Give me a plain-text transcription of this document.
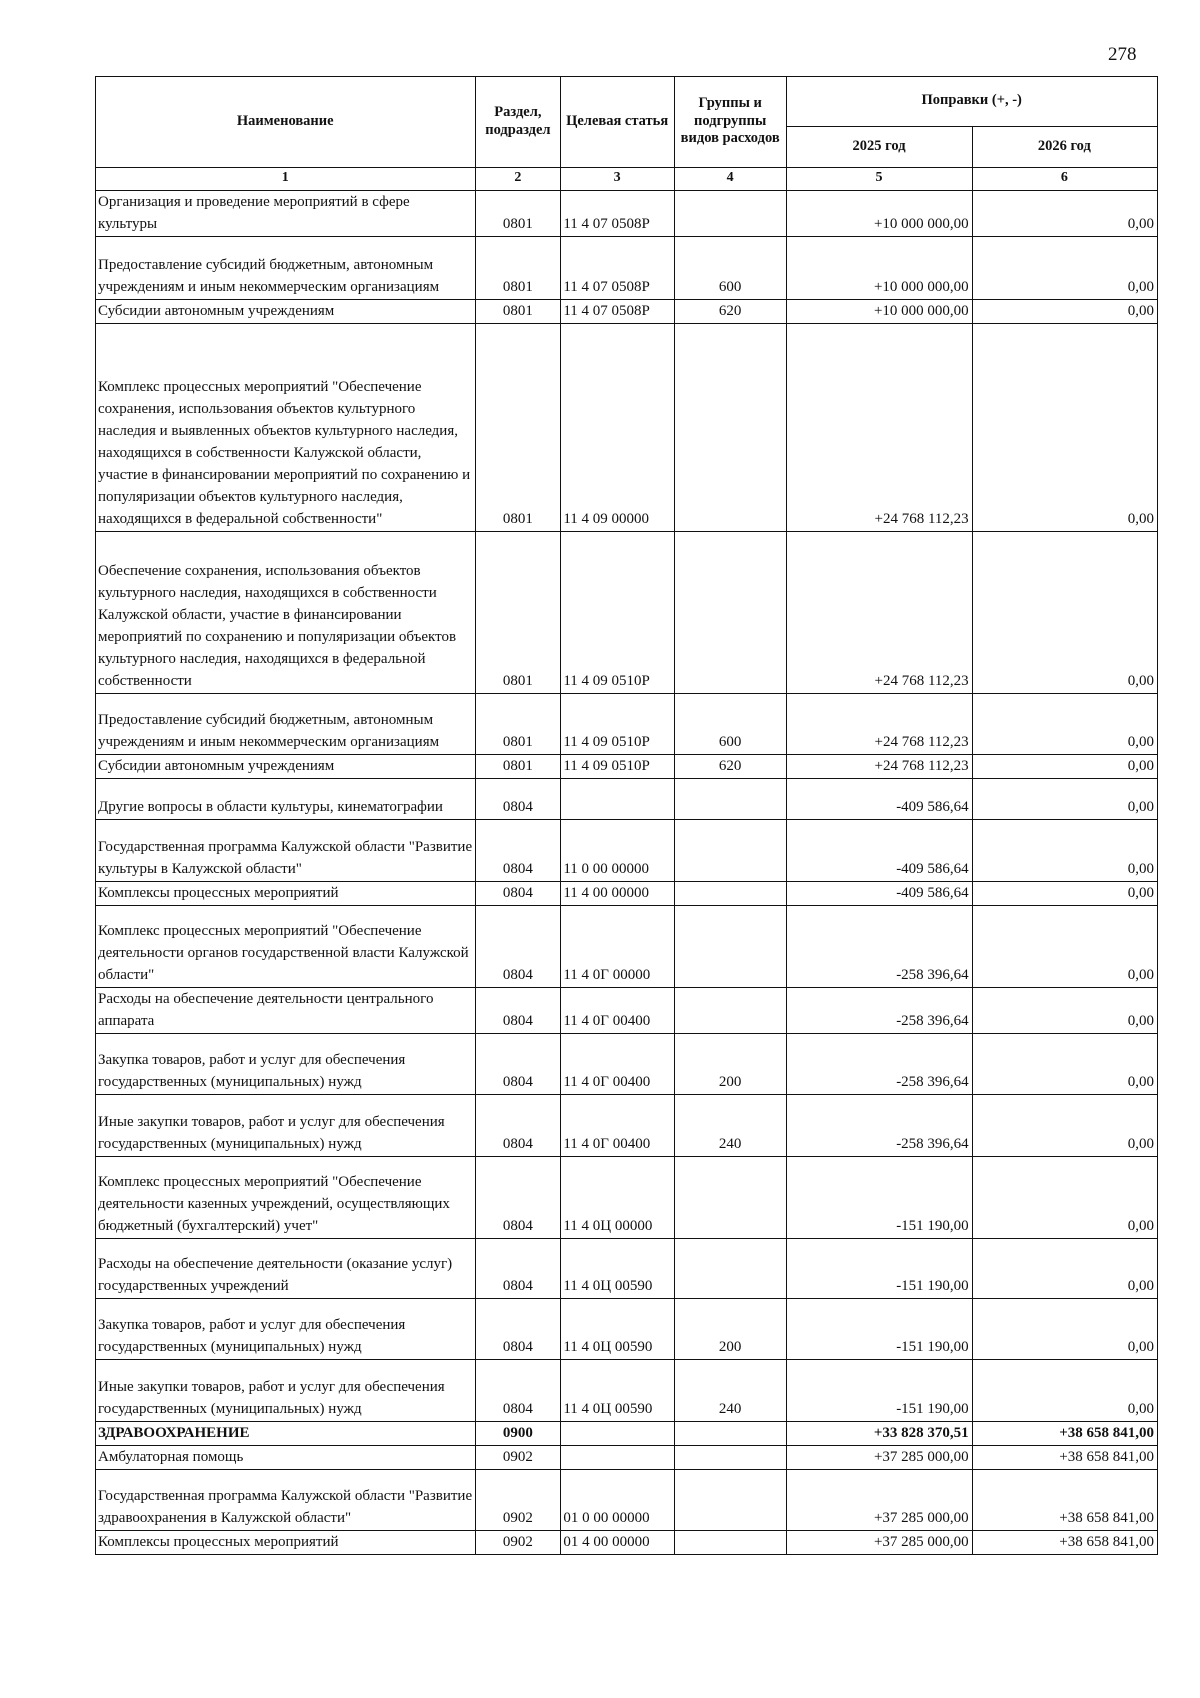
278
Наименование	Раздел, подраздел	Целевая статья	Группы и подгруппы видов расходов	Поправки (+, -)	
				2025 год	2026 год
1	2	3	4	5	6
Организация и проведение мероприятий в сфере культуры	0801	11 4 07 0508Р		+10 000 000,00	0,00
Предоставление субсидий бюджетным, автономным учреждениям и иным некоммерческим организациям	0801	11 4 07 0508Р	600	+10 000 000,00	0,00
Субсидии автономным учреждениям	0801	11 4 07 0508Р	620	+10 000 000,00	0,00
Комплекс процессных мероприятий "Обеспечение сохранения, использования объектов культурного наследия и выявленных объектов культурного наследия, находящихся в собственности Калужской области, участие в финансировании мероприятий по сохранению и популяризации объектов культурного наследия, находящихся в федеральной собственности"	0801	11 4 09 00000		+24 768 112,23	0,00
Обеспечение сохранения, использования объектов культурного наследия, находящихся в собственности Калужской области, участие в финансировании мероприятий по сохранению и популяризации объектов культурного наследия, находящихся в федеральной собственности	0801	11 4 09 0510Р		+24 768 112,23	0,00
Предоставление субсидий бюджетным, автономным учреждениям и иным некоммерческим организациям	0801	11 4 09 0510Р	600	+24 768 112,23	0,00
Субсидии автономным учреждениям	0801	11 4 09 0510Р	620	+24 768 112,23	0,00
Другие вопросы в области культуры, кинематографии	0804			-409 586,64	0,00
Государственная программа Калужской области "Развитие культуры в Калужской области"	0804	11 0 00 00000		-409 586,64	0,00
Комплексы процессных мероприятий	0804	11 4 00 00000		-409 586,64	0,00
Комплекс процессных мероприятий "Обеспечение деятельности органов государственной власти Калужской области"	0804	11 4 0Г 00000		-258 396,64	0,00
Расходы на обеспечение деятельности центрального аппарата	0804	11 4 0Г 00400		-258 396,64	0,00
Закупка товаров, работ и услуг для обеспечения государственных (муниципальных) нужд	0804	11 4 0Г 00400	200	-258 396,64	0,00
Иные закупки товаров, работ и услуг для обеспечения государственных (муниципальных) нужд	0804	11 4 0Г 00400	240	-258 396,64	0,00
Комплекс процессных мероприятий "Обеспечение деятельности казенных учреждений, осуществляющих бюджетный (бухгалтерский) учет"	0804	11 4 0Ц 00000		-151 190,00	0,00
Расходы на обеспечение деятельности (оказание услуг) государственных учреждений	0804	11 4 0Ц 00590		-151 190,00	0,00
Закупка товаров, работ и услуг для обеспечения государственных (муниципальных) нужд	0804	11 4 0Ц 00590	200	-151 190,00	0,00
Иные закупки товаров, работ и услуг для обеспечения государственных (муниципальных) нужд	0804	11 4 0Ц 00590	240	-151 190,00	0,00
ЗДРАВООХРАНЕНИЕ	0900			+33 828 370,51	+38 658 841,00
Амбулаторная помощь	0902			+37 285 000,00	+38 658 841,00
Государственная программа Калужской области "Развитие здравоохранения в Калужской области"	0902	01 0 00 00000		+37 285 000,00	+38 658 841,00
Комплексы процессных мероприятий	0902	01 4 00 00000		+37 285 000,00	+38 658 841,00
